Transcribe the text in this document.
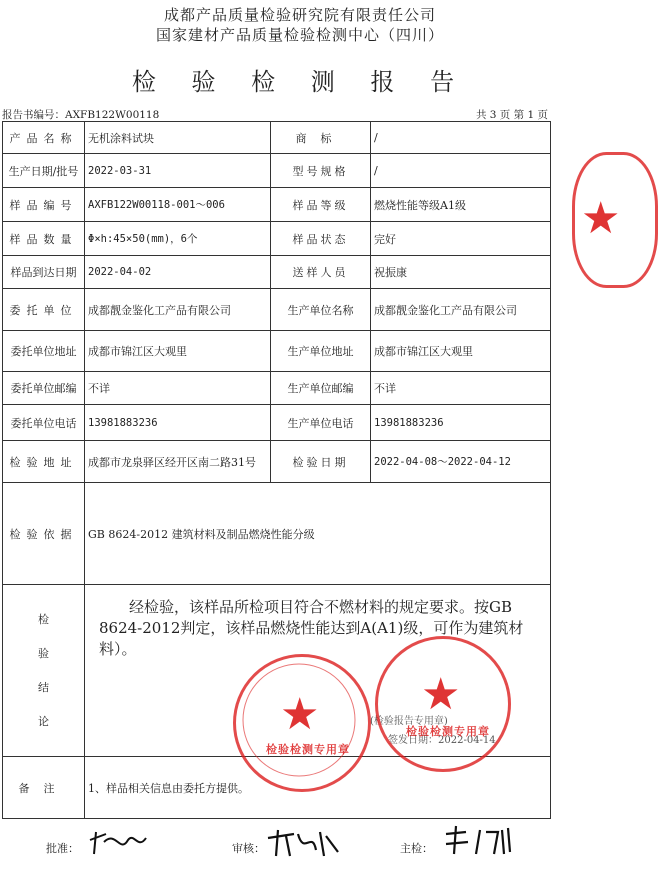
成都产品质量检验研究院有限责任公司
国家建材产品质量检验检测中心（四川）
检 验 检 测 报 告
报告书编号：AXFB122W00118	共 3 页 第 1 页
产品名称	无机涂料试块	商标	/
生产日期/批号	2022-03-31	型号规格	/
样品编号	AXFB122W00118-001～006	样品等级	燃烧性能等级A1级
样品数量	Φ×h:45×50(mm)，6个	样品状态	完好
样品到达日期	2022-04-02	送样人员	祝振康
委托单位	成都靓金鉴化工产品有限公司	生产单位名称	成都靓金鉴化工产品有限公司
委托单位地址	成都市锦江区大观里	生产单位地址	成都市锦江区大观里
委托单位邮编	不详	生产单位邮编	不详
委托单位电话	13981883236	生产单位电话	13981883236
检验地址	成都市龙泉驿区经开区南二路31号	检验日期	2022-04-08～2022-04-12
检验依据	GB 8624-2012 建筑材料及制品燃烧性能分级		

检
验
结
论	经检验，该样品所检项目符合不燃材料的规定要求。按GB 8624-2012判定，该样品燃烧性能达到A(A1)级，可作为建筑材料）。		
备注	1、样品相关信息由委托方提供。		
(检验报告专用章)
签发日期：2022-04-14
★
检验检测专用章
★
检验检测专用章
★
批准：	审核：	主检：
